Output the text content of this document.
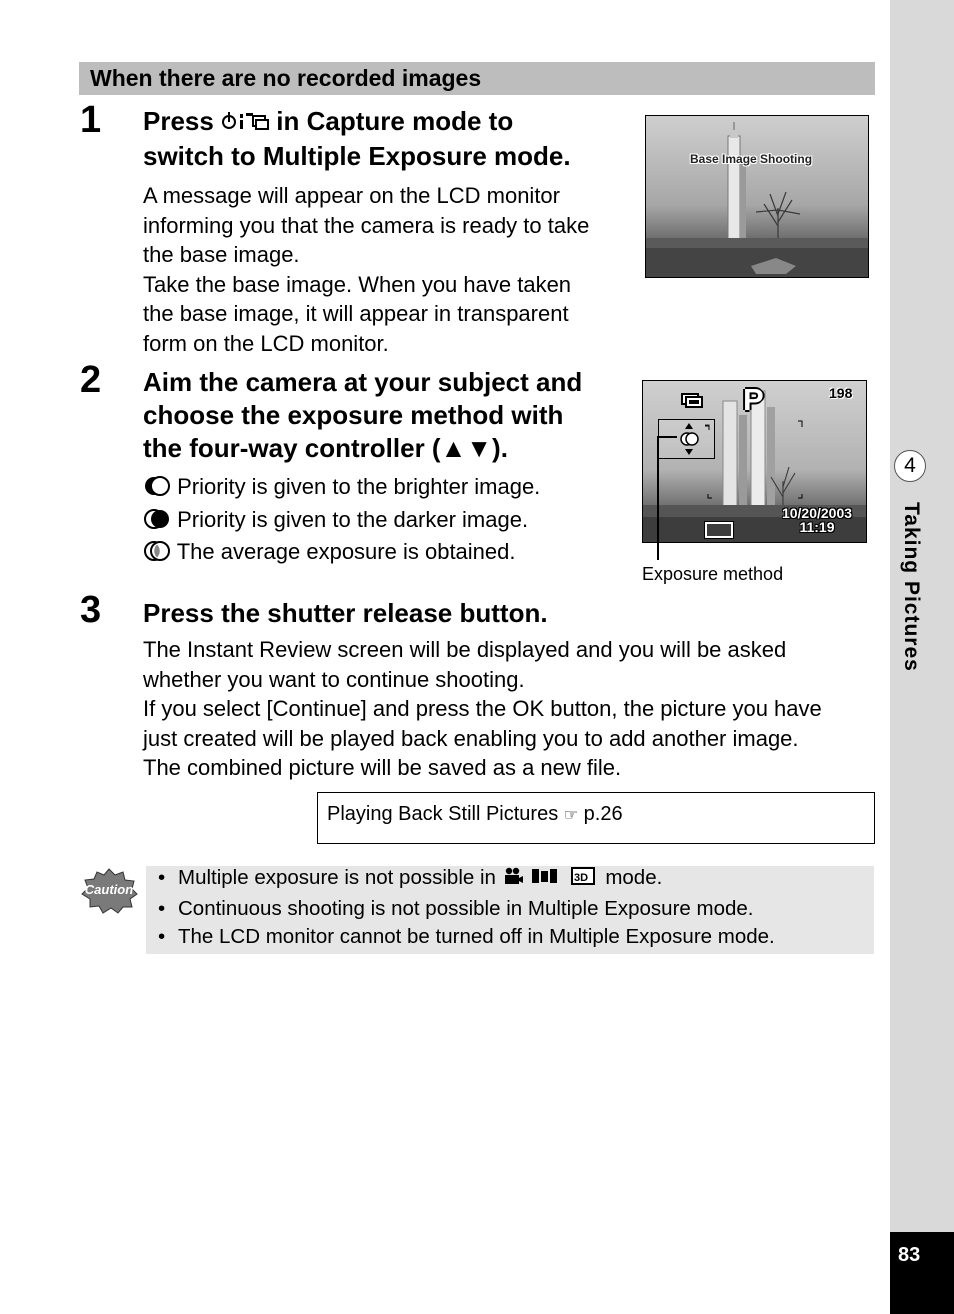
4
Taking Pictures
83
When there are no recorded images
1 Press  in Capture mode to
switch to Multiple Exposure mode.
A message will appear on the LCD monitor
informing you that the camera is ready to take
the base image.
Take the base image. When you have taken
the base image, it will appear in transparent
form on the LCD monitor.
Base Image Shooting
2 Aim the camera at your subject and
choose the exposure method with
the four-way controller (▲▼).
Priority is given to the brighter image.
Priority is given to the darker image.
The average exposure is obtained.
P	198
10/20/2003
11:19
Exposure method
3 Press the shutter release button.
The Instant Review screen will be displayed and you will be asked
whether you want to continue shooting.
If you select [Continue] and press the OK button, the picture you have
just created will be played back enabling you to add another image.
The combined picture will be saved as a new file.
Playing Back Still Pictures ☞ p.26
Caution
• Multiple exposure is not possible in	3D mode.
• Continuous shooting is not possible in Multiple Exposure mode.
• The LCD monitor cannot be turned off in Multiple Exposure mode.
